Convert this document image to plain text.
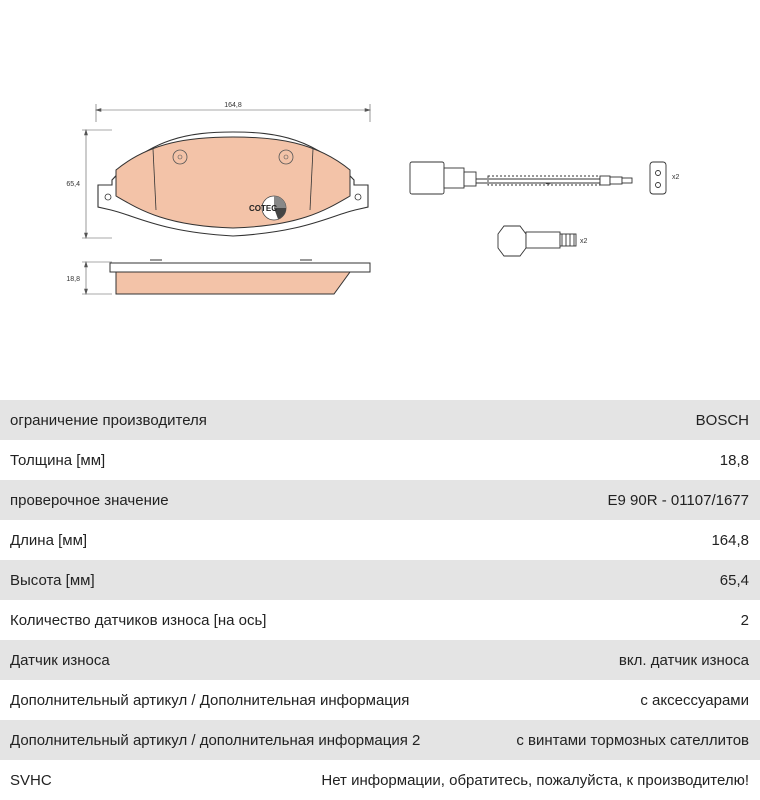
164,8
65,4
COTEC
18,8
∼
x2
x2
ограничение производителя	BOSCH
Толщина [мм]	18,8
проверочное значение	E9 90R - 01107/1677
Длина [мм]	164,8
Высота [мм]	65,4
Количество датчиков износа [на ось]	2
Датчик износа	вкл. датчик износа
Дополнительный артикул / Дополнительная информация	с аксессуарами
Дополнительный артикул / дополнительная информация 2	с винтами тормозных сателлитов
SVHC	Нет информации, обратитесь, пожалуйста, к производителю!
